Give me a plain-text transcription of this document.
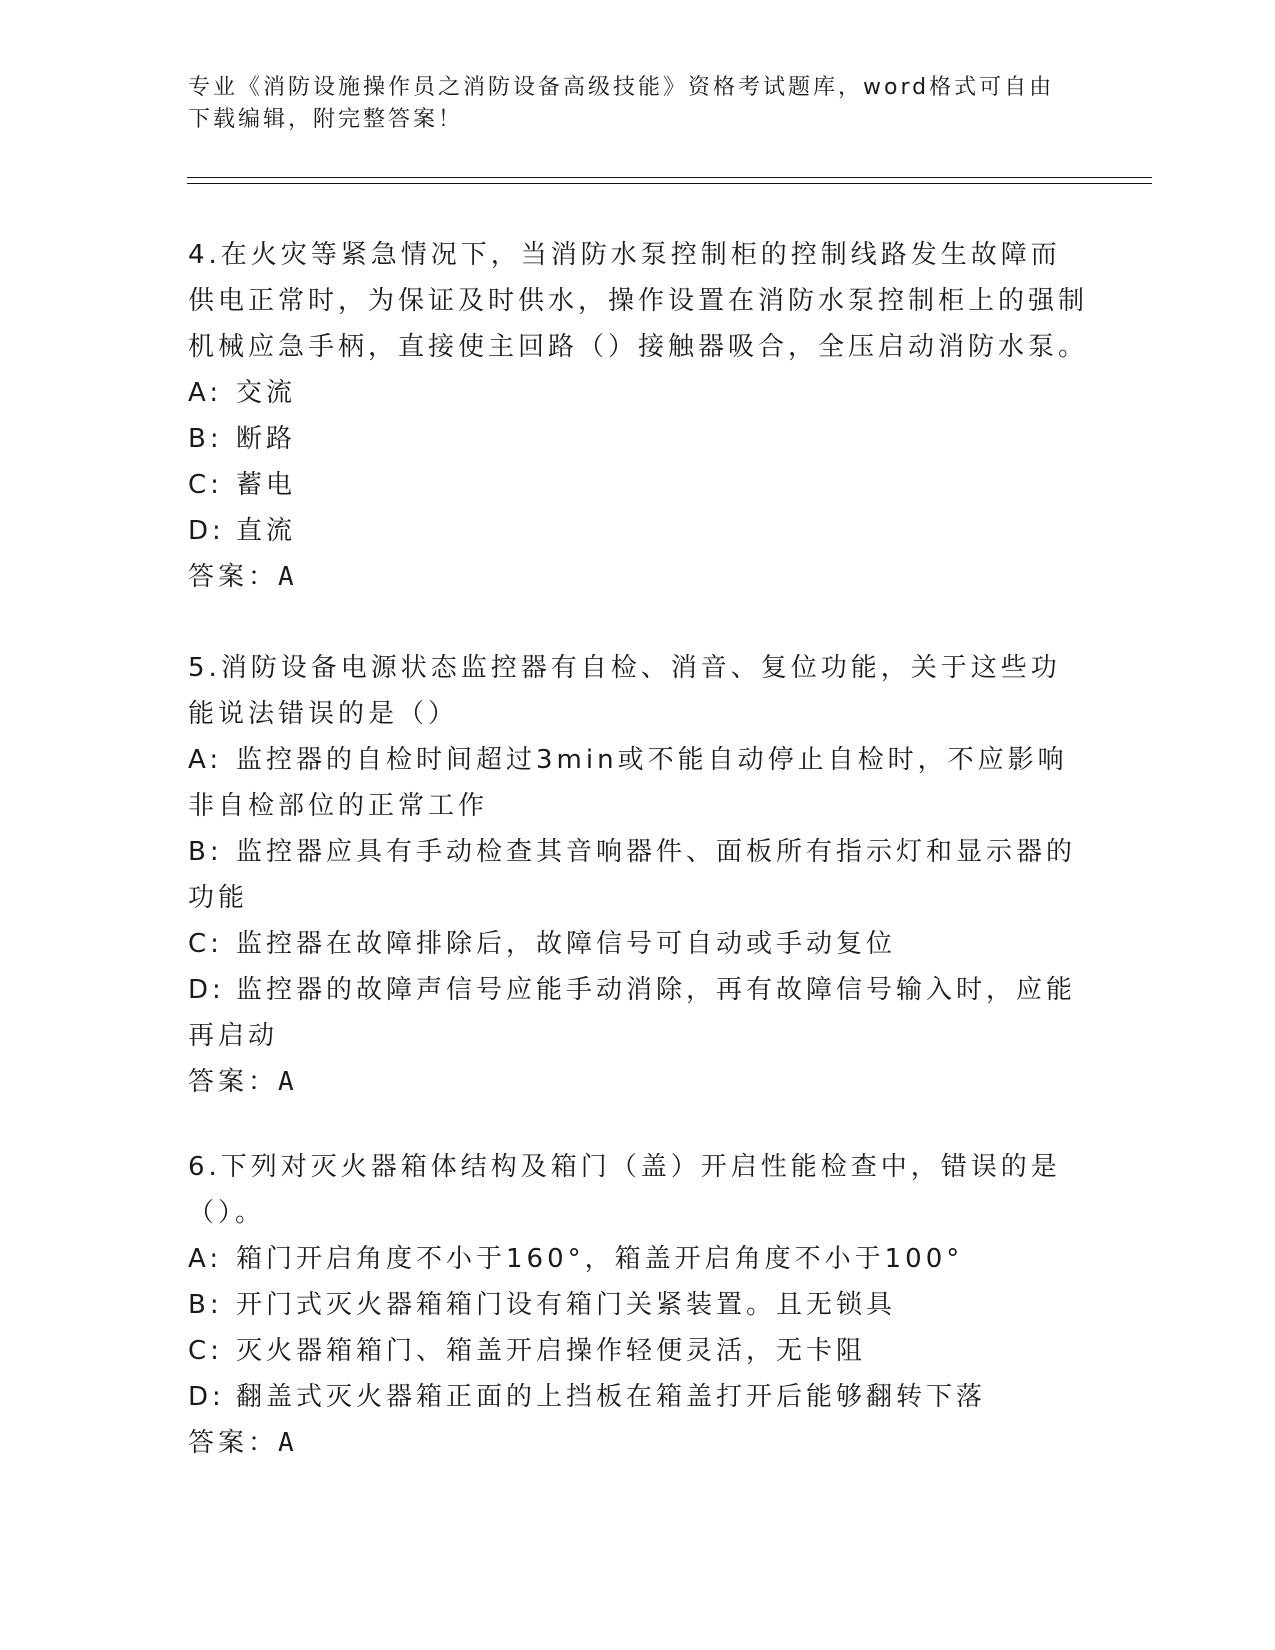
专业《消防设施操作员之消防设备高级技能》资格考试题库，word格式可自由下载编辑，附完整答案！
4.在火灾等紧急情况下，当消防水泵控制柜的控制线路发生故障而供电正常时，为保证及时供水，操作设置在消防水泵控制柜上的强制机械应急手柄，直接使主回路（）接触器吸合，全压启动消防水泵。
A: 交流
B: 断路
C: 蓄电
D: 直流
答案：A
5.消防设备电源状态监控器有自检、消音、复位功能，关于这些功能说法错误的是（）
A: 监控器的自检时间超过3min或不能自动停止自检时，不应影响非自检部位的正常工作
B: 监控器应具有手动检查其音响器件、面板所有指示灯和显示器的功能
C: 监控器在故障排除后，故障信号可自动或手动复位
D: 监控器的故障声信号应能手动消除，再有故障信号输入时，应能再启动
答案：A
6.下列对灭火器箱体结构及箱门（盖）开启性能检查中，错误的是（）。
A: 箱门开启角度不小于160°，箱盖开启角度不小于100°
B: 开门式灭火器箱箱门设有箱门关紧装置。且无锁具
C: 灭火器箱箱门、箱盖开启操作轻便灵活，无卡阻
D: 翻盖式灭火器箱正面的上挡板在箱盖打开后能够翻转下落
答案：A
